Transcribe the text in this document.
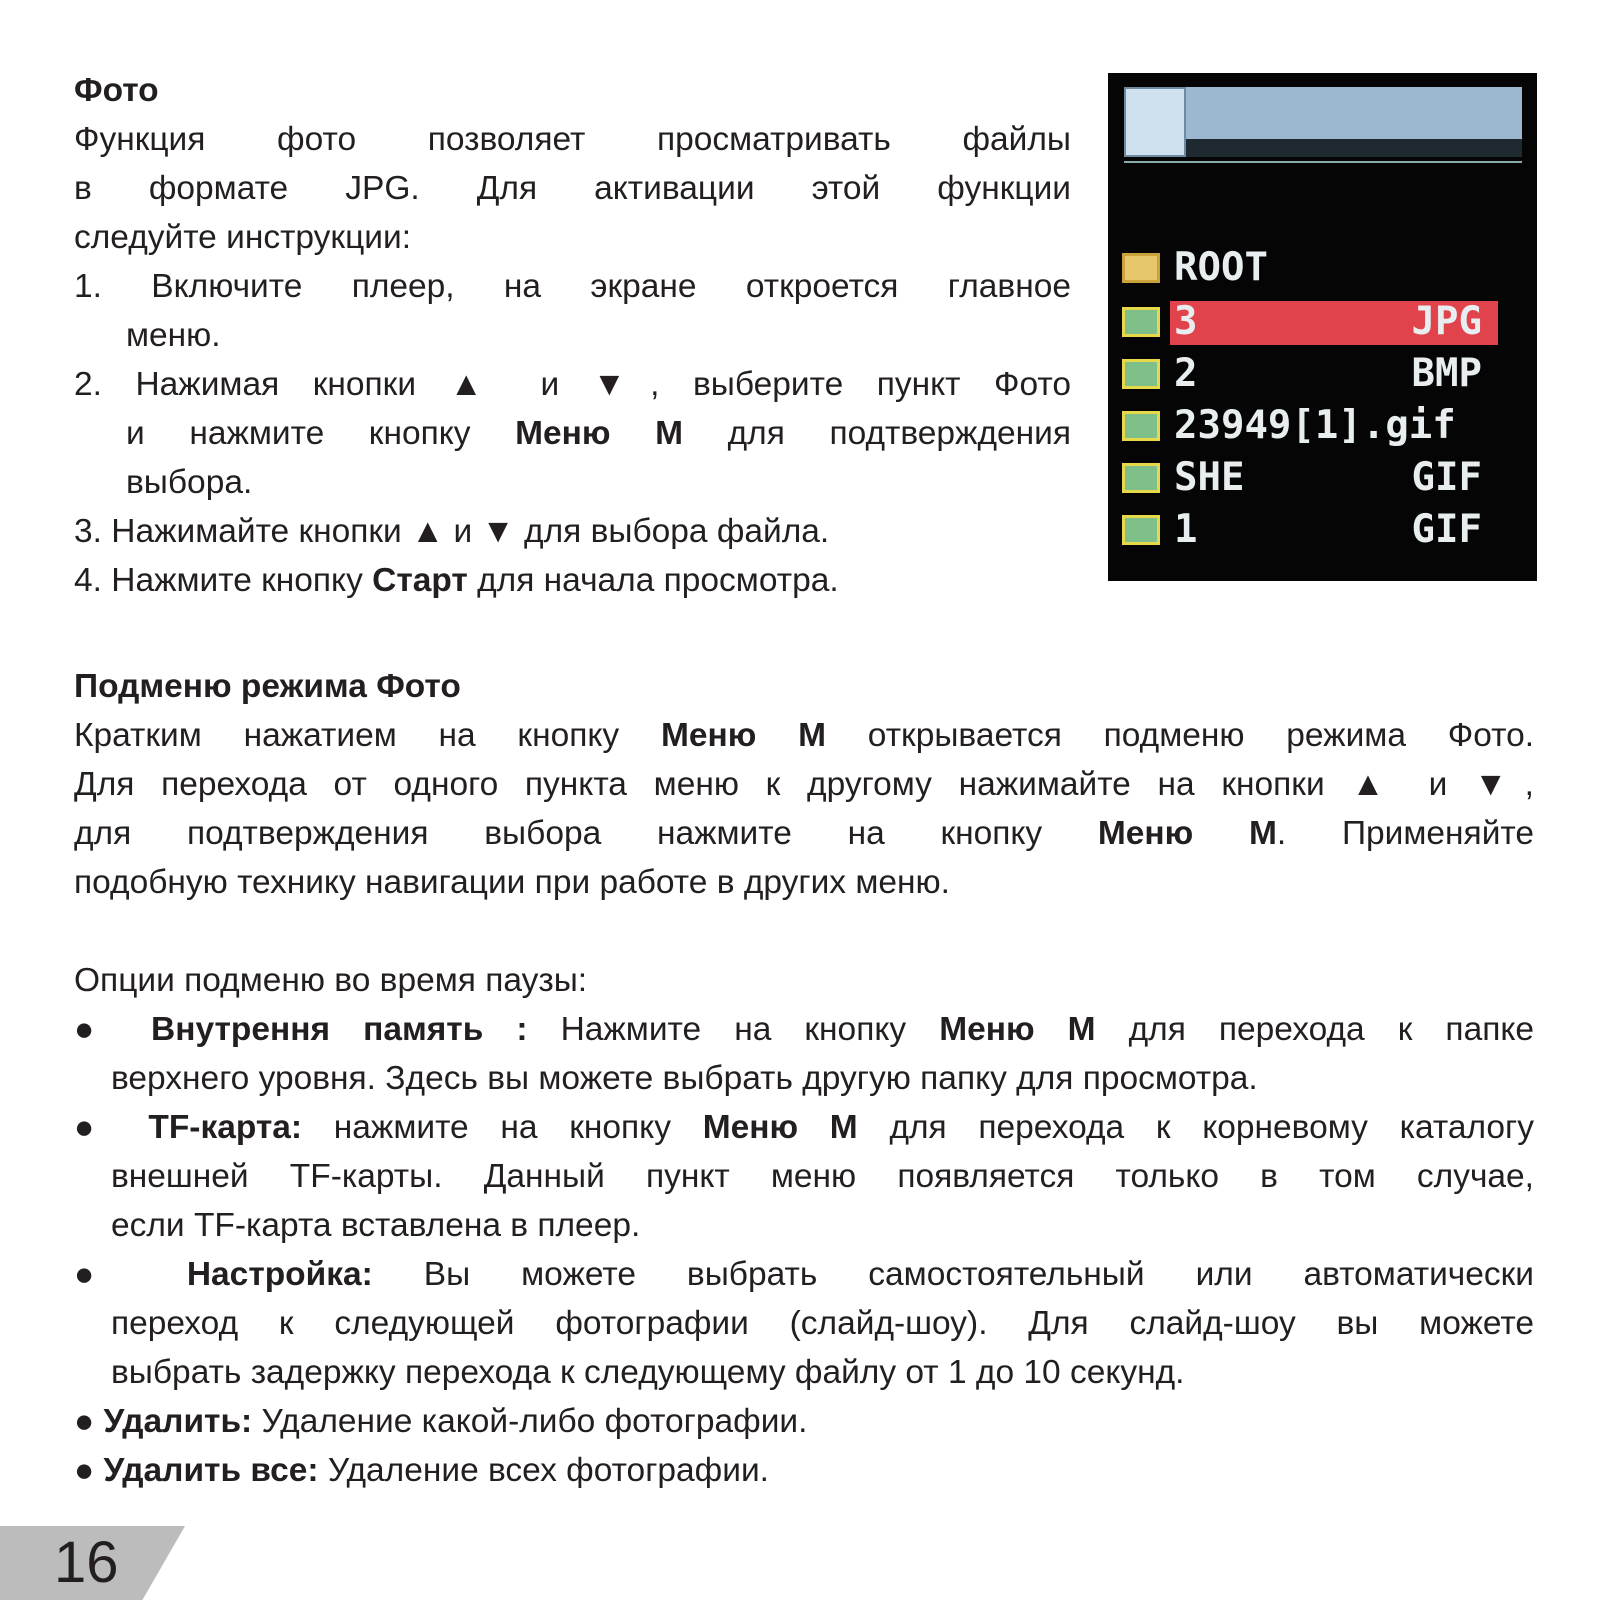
Фото
Функция фото позволяет просматривать файлы
в формате JPG. Для активации этой функции
следуйте инструкции:
1. Включите плеер, на экране откроется главное
меню.
2. Нажимая кнопки ▲ и ▼, выберите пункт Фото
и нажмите кнопку Меню М для подтверждения
выбора.
3. Нажимайте кнопки ▲ и ▼ для выбора файла.
4. Нажмите кнопку Старт для начала просмотра.
ROOT
3	JPG
2	BMP
23949[1].gif
SHE	GIF
1	GIF
Подменю режима Фото
Кратким нажатием на кнопку Меню М открывается подменю режима Фото.
Для перехода от одного пункта меню к другому нажимайте на кнопки ▲ и ▼,
для подтверждения выбора нажмите на кнопку Меню М. Применяйте
подобную технику навигации при работе в других меню.
Опции подменю во время паузы:
● Внутрення память : Нажмите на кнопку Меню М для перехода к папке
верхнего уровня. Здесь вы можете выбрать другую папку для просмотра.
● TF-карта: нажмите на кнопку Меню М для перехода к корневому каталогу
внешней TF-карты. Данный пункт меню появляется только в том случае,
если TF-карта вставлена в плеер.
● Настройка: Вы можете выбрать самостоятельный или автоматически
переход к следующей фотографии (слайд-шоу). Для слайд-шоу вы можете
выбрать задержку перехода к следующему файлу от 1 до 10 секунд.
● Удалить: Удаление какой-либо фотографии.
● Удалить все: Удаление всех фотографии.
16
